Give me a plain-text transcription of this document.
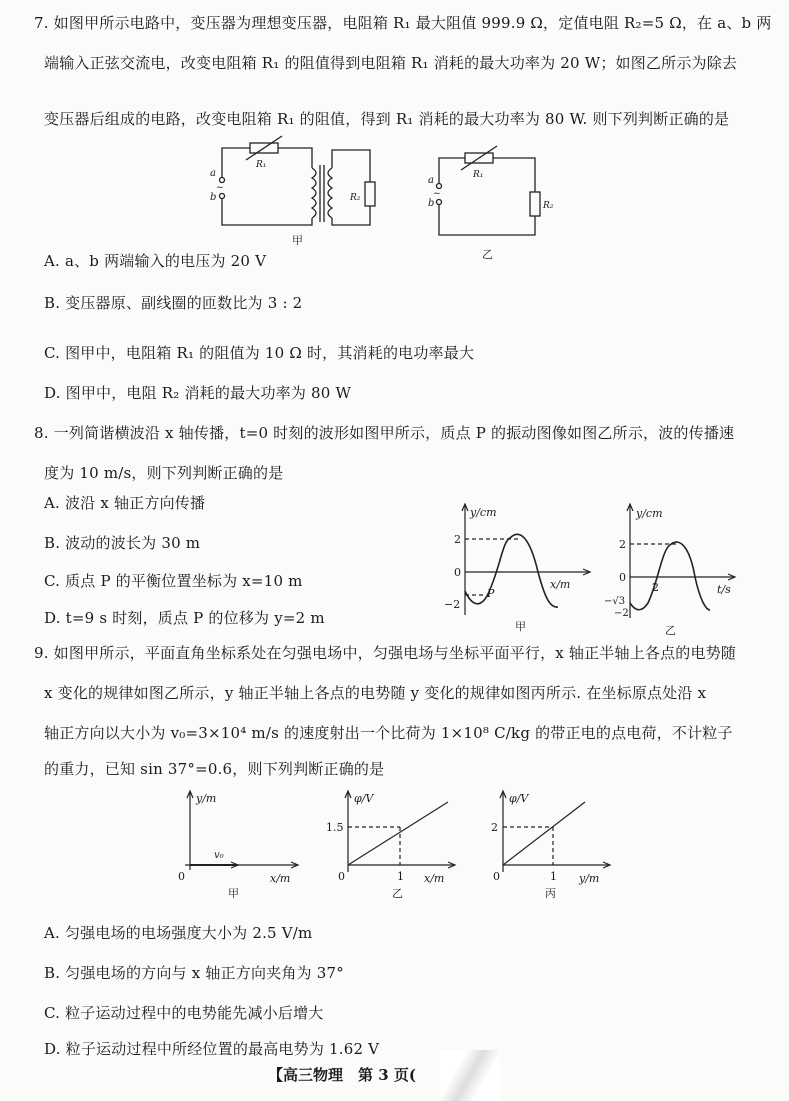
7. 如图甲所示电路中，变压器为理想变压器，电阻箱 R₁ 最大阻值 999.9 Ω，定值电阻 R₂=5 Ω，在 a、b 两
端输入正弦交流电，改变电阻箱 R₁ 的阻值得到电阻箱 R₁ 消耗的最大功率为 20 W；如图乙所示为除去
变压器后组成的电路，改变电阻箱 R₁ 的阻值，得到 R₁ 消耗的最大功率为 80 W. 则下列判断正确的是
a
b
~
R₁
R₂
甲
a
b
~
R₁
R₂
乙
A. a、b 两端输入的电压为 20 V
B. 变压器原、副线圈的匝数比为 3 : 2
C. 图甲中，电阻箱 R₁ 的阻值为 10 Ω 时，其消耗的电功率最大
D. 图甲中，电阻 R₂ 消耗的最大功率为 80 W
8. 一列简谐横波沿 x 轴传播，t=0 时刻的波形如图甲所示，质点 P 的振动图像如图乙所示，波的传播速
度为 10 m/s，则下列判断正确的是
A. 波沿 x 轴正方向传播
B. 波动的波长为 30 m
C. 质点 P 的平衡位置坐标为 x=10 m
D. t=9 s 时刻，质点 P 的位移为 y=2 m
y/cm
x/m
2
0
−2
P
甲
y/cm
t/s
2
0
−√3
−2
2
乙
9. 如图甲所示，平面直角坐标系处在匀强电场中，匀强电场与坐标平面平行，x 轴正半轴上各点的电势随
x 变化的规律如图乙所示，y 轴正半轴上各点的电势随 y 变化的规律如图丙所示. 在坐标原点处沿 x
轴正方向以大小为 v₀=3×10⁴ m/s 的速度射出一个比荷为 1×10⁸ C/kg 的带正电的点电荷，不计粒子
的重力，已知 sin 37°=0.6，则下列判断正确的是
y/m
x/m
0
v₀
甲
φ/V
x/m
0
1.5
1
乙
φ/V
y/m
0
2
1
丙
A. 匀强电场的电场强度大小为 2.5 V/m
B. 匀强电场的方向与 x 轴正方向夹角为 37°
C. 粒子运动过程中的电势能先减小后增大
D. 粒子运动过程中所经位置的最高电势为 1.62 V
【高三物理　第 3 页(
